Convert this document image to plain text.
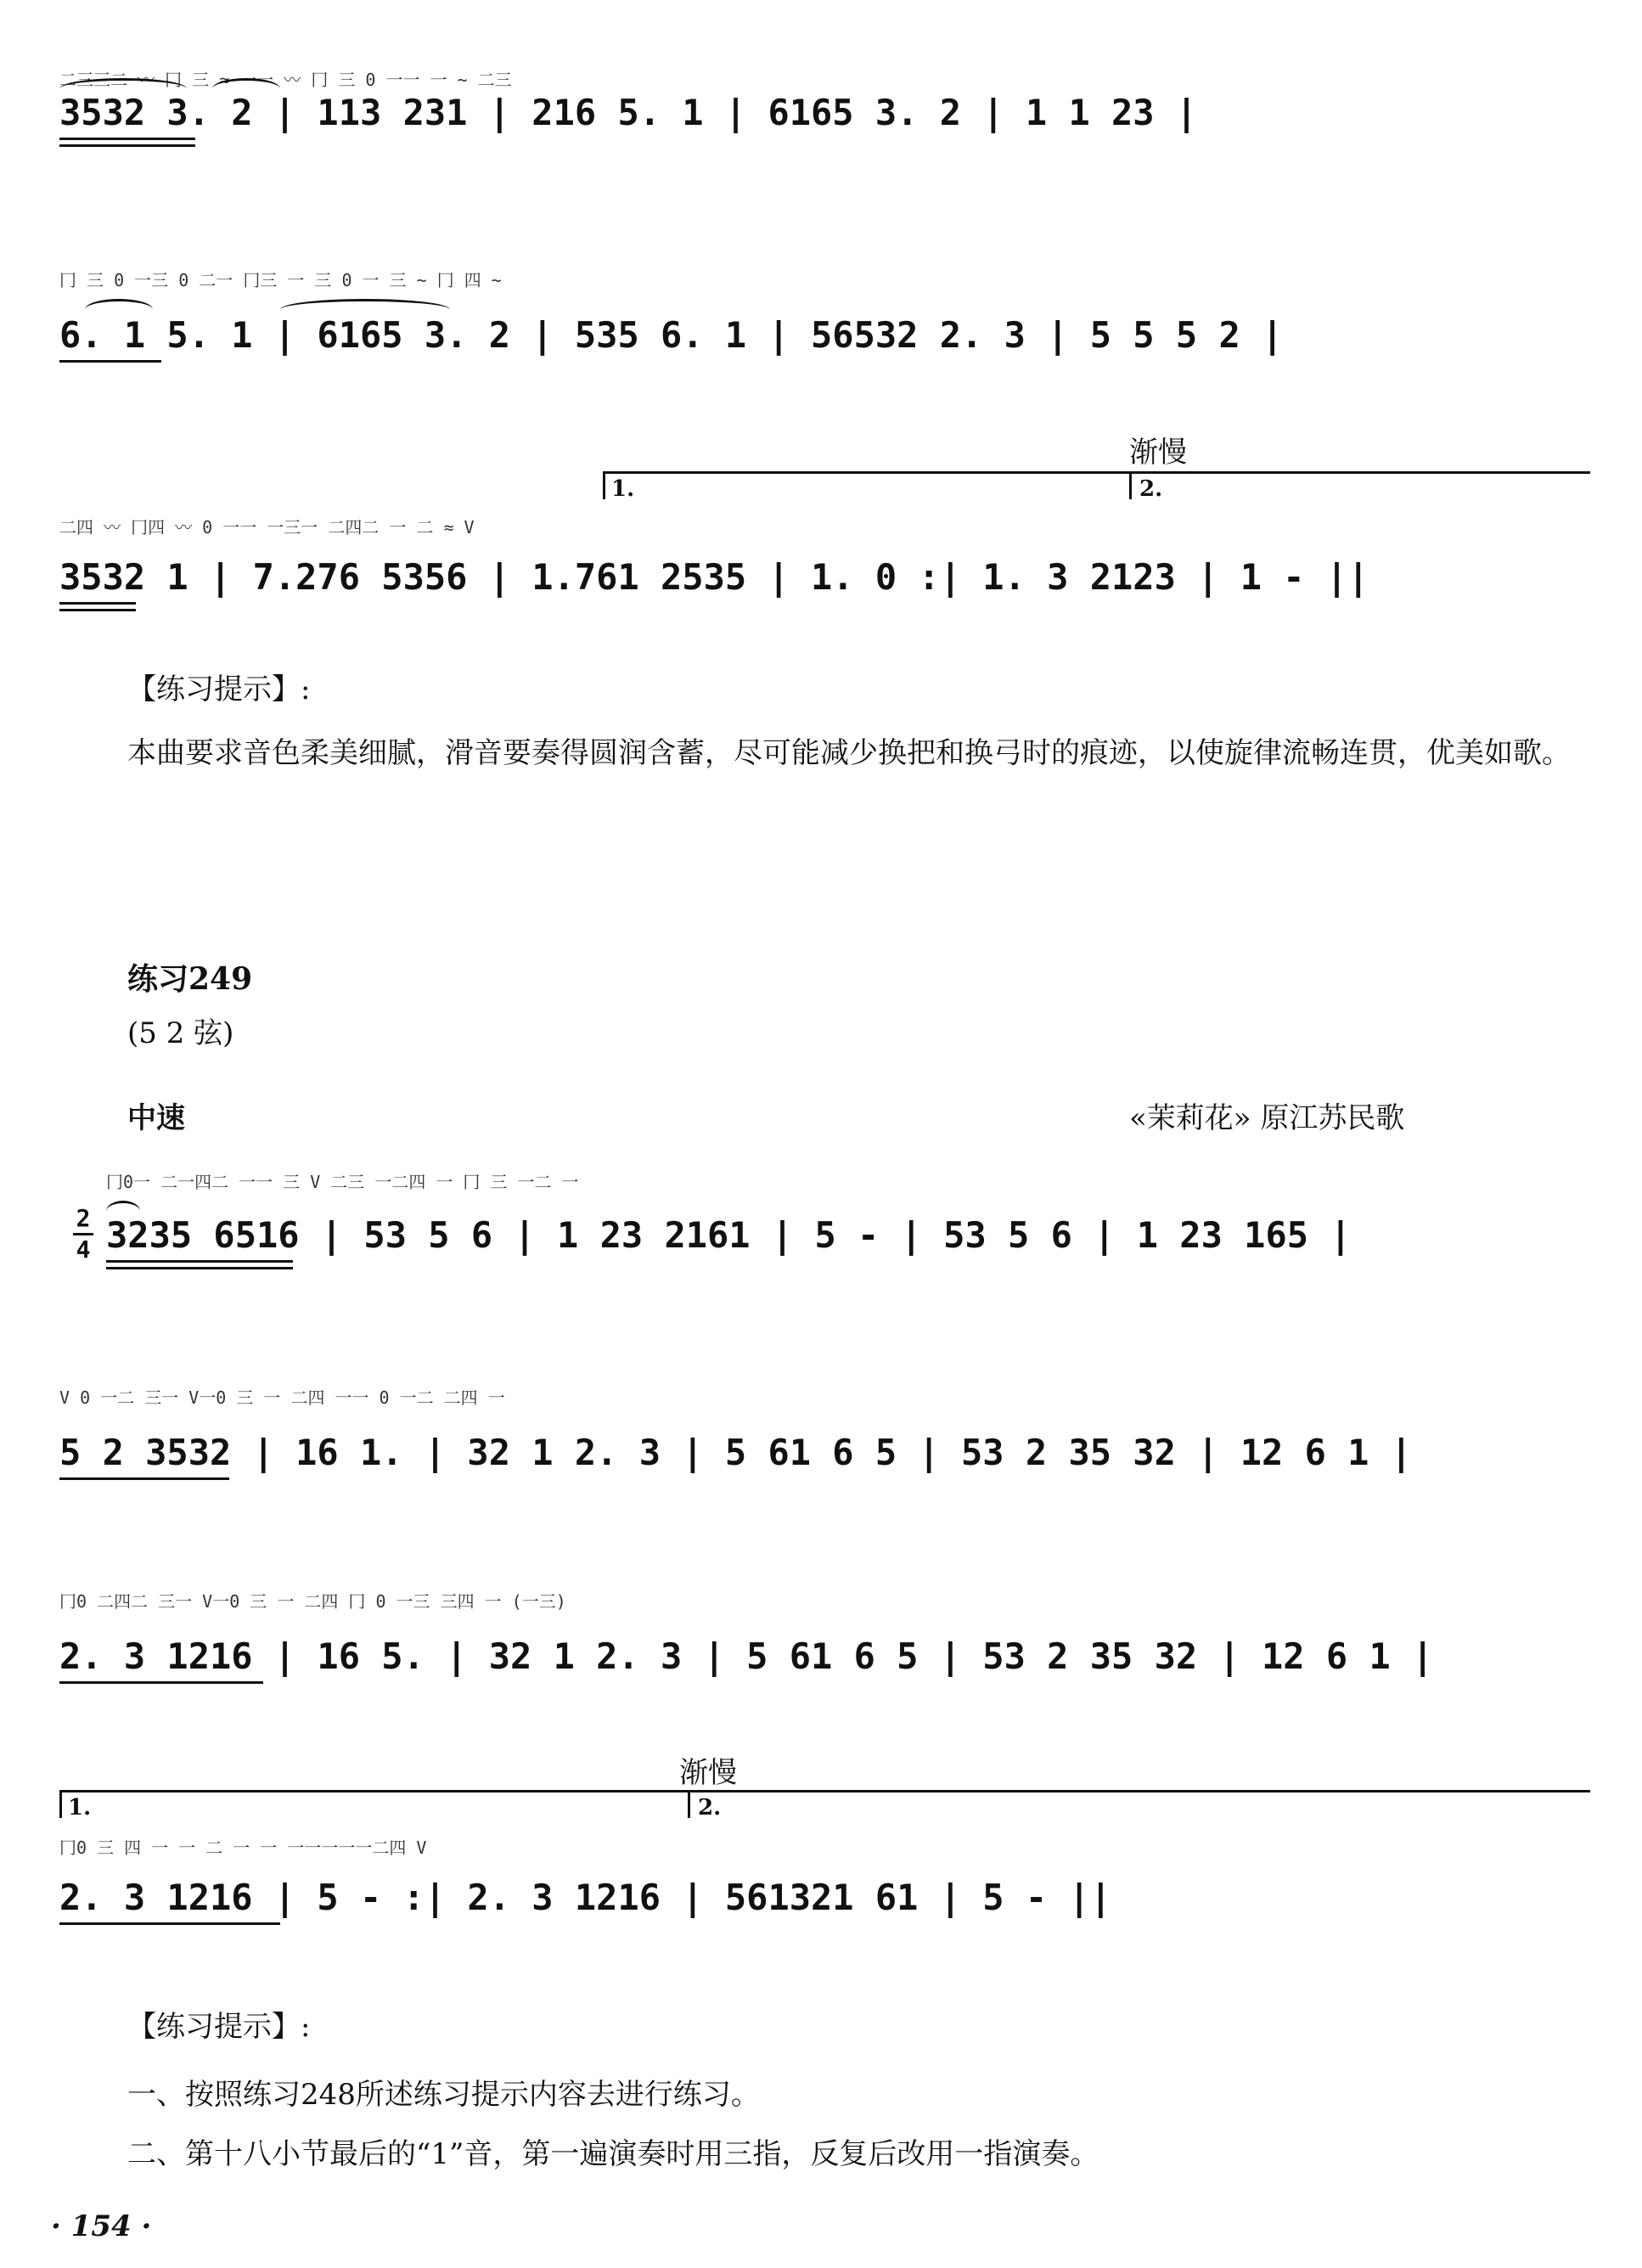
二三三二 〰 冂 三 ≈ 一一 〰 冂 三 0 一一 一 ~ 二三
3532 3. 2 | 113 231 | 216 5. 1 | 6165 3. 2 | 1 1 23 |
冂 三 0 一三 0 二一 冂三 一 三 0 一 三 ~ 冂 四 ~
6. 1 5. 1 | 6165 3. 2 | 535 6. 1 | 56532 2. 3 | 5 5 5 2 |
渐慢
1.	2.
二四 〰 冂四 〰 0 一一 一三一 二四二 一 二 ≈ V
3532 1 | 7.276 5356 | 1.761 2535 | 1. 0 :| 1. 3 2123 | 1 - ||
【练习提示】:
本曲要求音色柔美细腻，滑音要奏得圆润含蓄，尽可能减少换把和换弓时的痕迹，以使旋律流畅连贯，优美如歌。
练习249
(5 2 弦)
中速	«茉莉花» 原江苏民歌
2
4
冂0一 二一四二 一一 三 V 二三 一二四 一 冂 三 一二 一
3235 6516 | 53 5 6 | 1 23 2161 | 5 - | 53 5 6 | 1 23 165 |
V 0 一二 三一 V一0 三 一 二四 一一 0 一二 二四 一
5 2 3532 | 16 1. | 32 1 2. 3 | 5 61 6 5 | 53 2 35 32 | 12 6 1 |
冂0 二四二 三一 V一0 三 一 二四 冂 0 一三 三四 一 (一三)
2. 3 1216 | 16 5. | 32 1 2. 3 | 5 61 6 5 | 53 2 35 32 | 12 6 1 |
渐慢
1.	2.
冂0 三 四 一 一 二 一 一 一一一一一二四 V
2. 3 1216 | 5 - :| 2. 3 1216 | 561321 61 | 5 - ||
【练习提示】:
一、按照练习248所述练习提示内容去进行练习。
二、第十八小节最后的“1”音，第一遍演奏时用三指，反复后改用一指演奏。
· 154 ·
